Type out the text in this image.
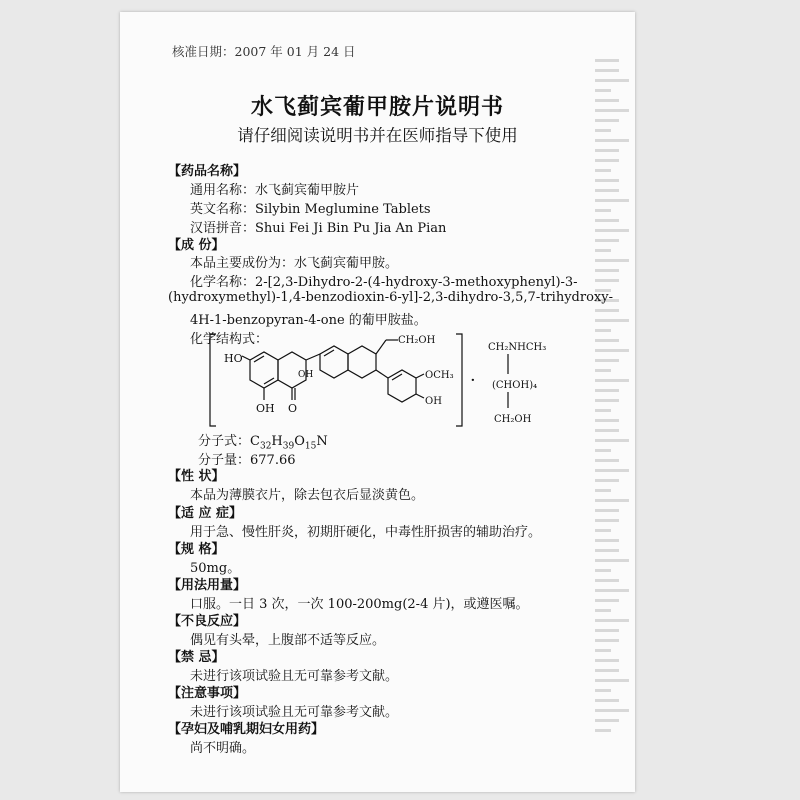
核准日期：2007 年 01 月 24 日
水飞蓟宾葡甲胺片说明书
请仔细阅读说明书并在医师指导下使用
【药品名称】
通用名称：水飞蓟宾葡甲胺片
英文名称：Silybin Meglumine Tablets
汉语拼音：Shui Fei Ji Bin Pu Jia An Pian
【成 份】
本品主要成份为：水飞蓟宾葡甲胺。
化学名称：2-[2,3-Dihydro-2-(4-hydroxy-3-methoxyphenyl)-3-
(hydroxymethyl)-1,4-benzodioxin-6-yl]-2,3-dihydro-3,5,7-trihydroxy-
4H-1-benzopyran-4-one 的葡甲胺盐。
化学结构式：
HO
OH O
OH
CH₂OH
OCH₃
OH
·
CH₂NHCH₃
(CHOH)₄
CH₂OH
分子式：$C_{32}H_{39}O_{15}N$
分子量：677.66
【性 状】
本品为薄膜衣片，除去包衣后显淡黄色。
【适 应 症】
用于急、慢性肝炎，初期肝硬化，中毒性肝损害的辅助治疗。
【规 格】
50mg。
【用法用量】
口服。一日 3 次，一次 100-200mg(2-4 片)，或遵医嘱。
【不良反应】
偶见有头晕，上腹部不适等反应。
【禁 忌】
未进行该项试验且无可靠参考文献。
【注意事项】
未进行该项试验且无可靠参考文献。
【孕妇及哺乳期妇女用药】
尚不明确。
